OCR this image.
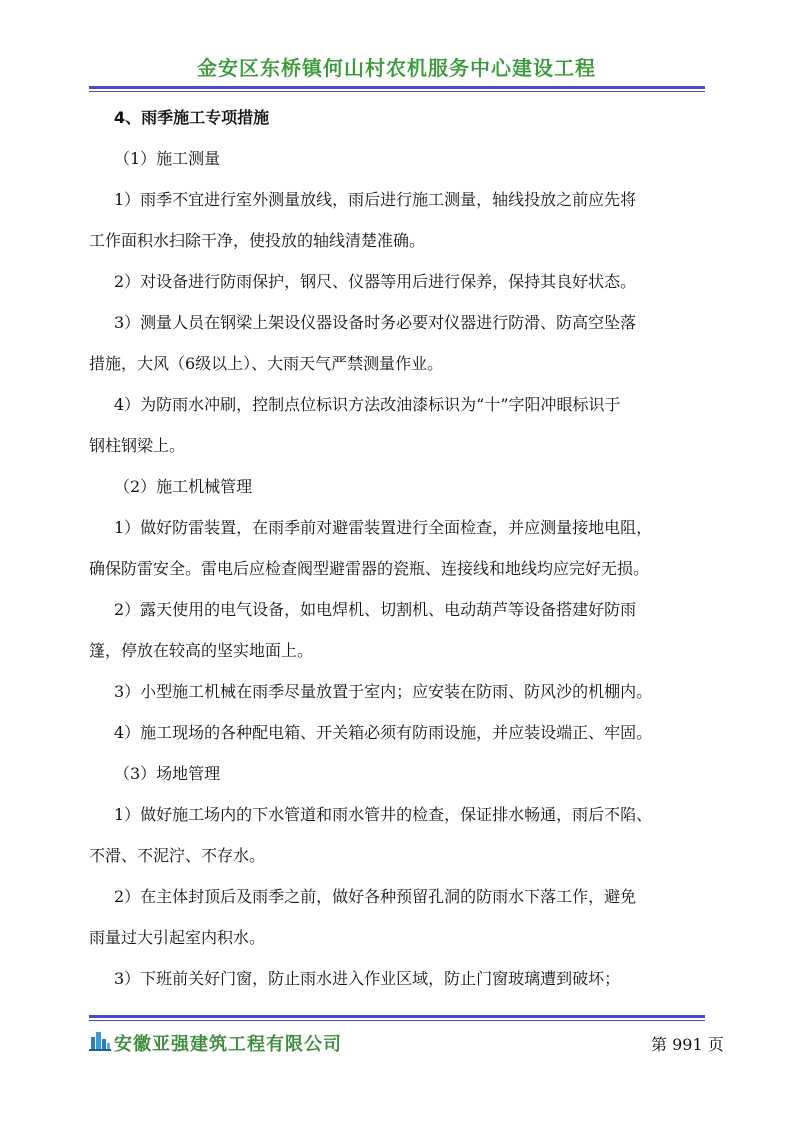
金安区东桥镇何山村农机服务中心建设工程
4、雨季施工专项措施
（1）施工测量
1）雨季不宜进行室外测量放线，雨后进行施工测量，轴线投放之前应先将
工作面积水扫除干净，使投放的轴线清楚准确。
2）对设备进行防雨保护，钢尺、仪器等用后进行保养，保持其良好状态。
3）测量人员在钢梁上架设仪器设备时务必要对仪器进行防滑、防高空坠落
措施，大风（6级以上）、大雨天气严禁测量作业。
4）为防雨水冲刷，控制点位标识方法改油漆标识为“十”字阳冲眼标识于
钢柱钢梁上。
（2）施工机械管理
1）做好防雷装置，在雨季前对避雷装置进行全面检查，并应测量接地电阻，
确保防雷安全。雷电后应检查阀型避雷器的瓷瓶、连接线和地线均应完好无损。
2）露天使用的电气设备，如电焊机、切割机、电动葫芦等设备搭建好防雨
篷，停放在较高的坚实地面上。
3）小型施工机械在雨季尽量放置于室内；应安装在防雨、防风沙的机棚内。
4）施工现场的各种配电箱、开关箱必须有防雨设施，并应装设端正、牢固。
（3）场地管理
1）做好施工场内的下水管道和雨水管井的检查，保证排水畅通，雨后不陷、
不滑、不泥泞、不存水。
2）在主体封顶后及雨季之前，做好各种预留孔洞的防雨水下落工作，避免
雨量过大引起室内积水。
3）下班前关好门窗，防止雨水进入作业区域，防止门窗玻璃遭到破坏；
安徽亚强建筑工程有限公司	第 991 页
